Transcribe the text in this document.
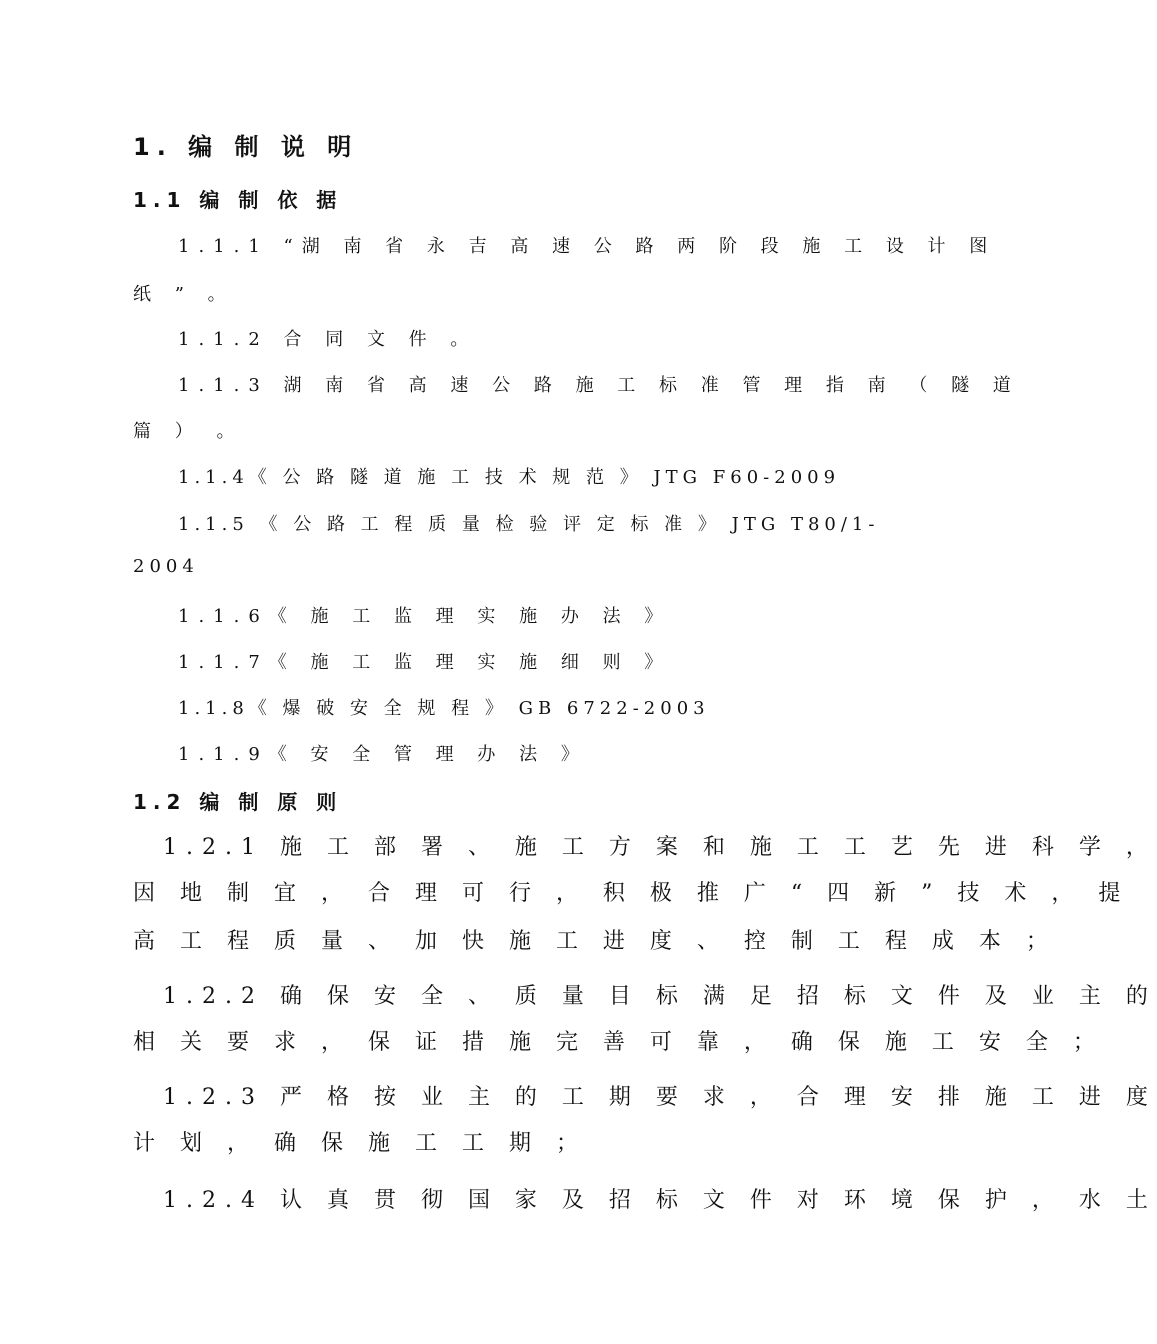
1. 编 制 说 明
1.1 编 制 依 据
1.1.1 “湖 南 省 永 吉 高 速 公 路 两 阶 段 施 工 设 计 图
纸 ” 。
1.1.2 合 同 文 件 。
1.1.3 湖 南 省 高 速 公 路 施 工 标 准 管 理 指 南 （ 隧 道
篇 ） 。
1.1.4《 公 路 隧 道 施 工 技 术 规 范 》 JTG F60-2009
1.1.5 《 公 路 工 程 质 量 检 验 评 定 标 准 》 JTG T80/1-
2004
1.1.6《 施 工 监 理 实 施 办 法 》
1.1.7《 施 工 监 理 实 施 细 则 》
1.1.8《 爆 破 安 全 规 程 》 GB 6722-2003
1.1.9《 安 全 管 理 办 法 》
1.2 编 制 原 则
1.2.1 施 工 部 署 、 施 工 方 案 和 施 工 工 艺 先 进 科 学 ，
因 地 制 宜 ， 合 理 可 行 ， 积 极 推 广 “ 四 新 ” 技 术 ， 提
高 工 程 质 量 、 加 快 施 工 进 度 、 控 制 工 程 成 本 ；
1.2.2 确 保 安 全 、 质 量 目 标 满 足 招 标 文 件 及 业 主 的
相 关 要 求 ， 保 证 措 施 完 善 可 靠 ， 确 保 施 工 安 全 ；
1.2.3 严 格 按 业 主 的 工 期 要 求 ， 合 理 安 排 施 工 进 度
计 划 ， 确 保 施 工 工 期 ；
1.2.4 认 真 贯 彻 国 家 及 招 标 文 件 对 环 境 保 护 ， 水 土
